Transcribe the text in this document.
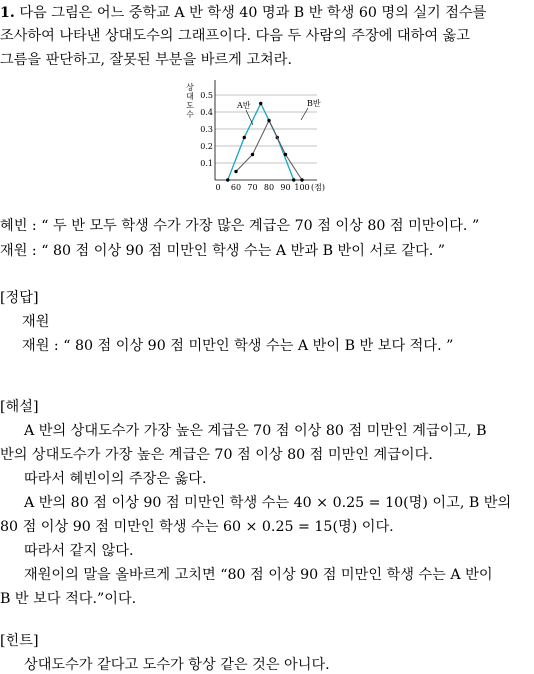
1. 다음 그림은 어느 중학교 A 반 학생 40 명과 B 반 학생 60 명의 실기 점수를
조사하여 나타낸 상대도수의 그래프이다. 다음 두 사람의 주장에 대하여 옳고
그름을 판단하고, 잘못된 부분을 바르게 고쳐라.
0.1
0.2
0.3
0.4
0.5
상
대
도
수
0 60 70 80 90 100 (점)
A반	B반
혜빈 : “ 두 반 모두 학생 수가 가장 많은 계급은 70 점 이상 80 점 미만이다. ”
재원 : “ 80 점 이상 90 점 미만인 학생 수는 A 반과 B 반이 서로 같다. ”
[정답]
재원
재원 : “ 80 점 이상 90 점 미만인 학생 수는 A 반이 B 반 보다 적다. ”
[해설]
A 반의 상대도수가 가장 높은 계급은 70 점 이상 80 점 미만인 계급이고, B
반의 상대도수가 가장 높은 계급은 70 점 이상 80 점 미만인 계급이다.
따라서 혜빈이의 주장은 옳다.
A 반의 80 점 이상 90 점 미만인 학생 수는 40 × 0.25 = 10(명) 이고, B 반의
80 점 이상 90 점 미만인 학생 수는 60 × 0.25 = 15(명) 이다.
따라서 같지 않다.
재원이의 말을 올바르게 고치면 “80 점 이상 90 점 미만인 학생 수는 A 반이
B 반 보다 적다.”이다.
[힌트]
상대도수가 같다고 도수가 항상 같은 것은 아니다.
